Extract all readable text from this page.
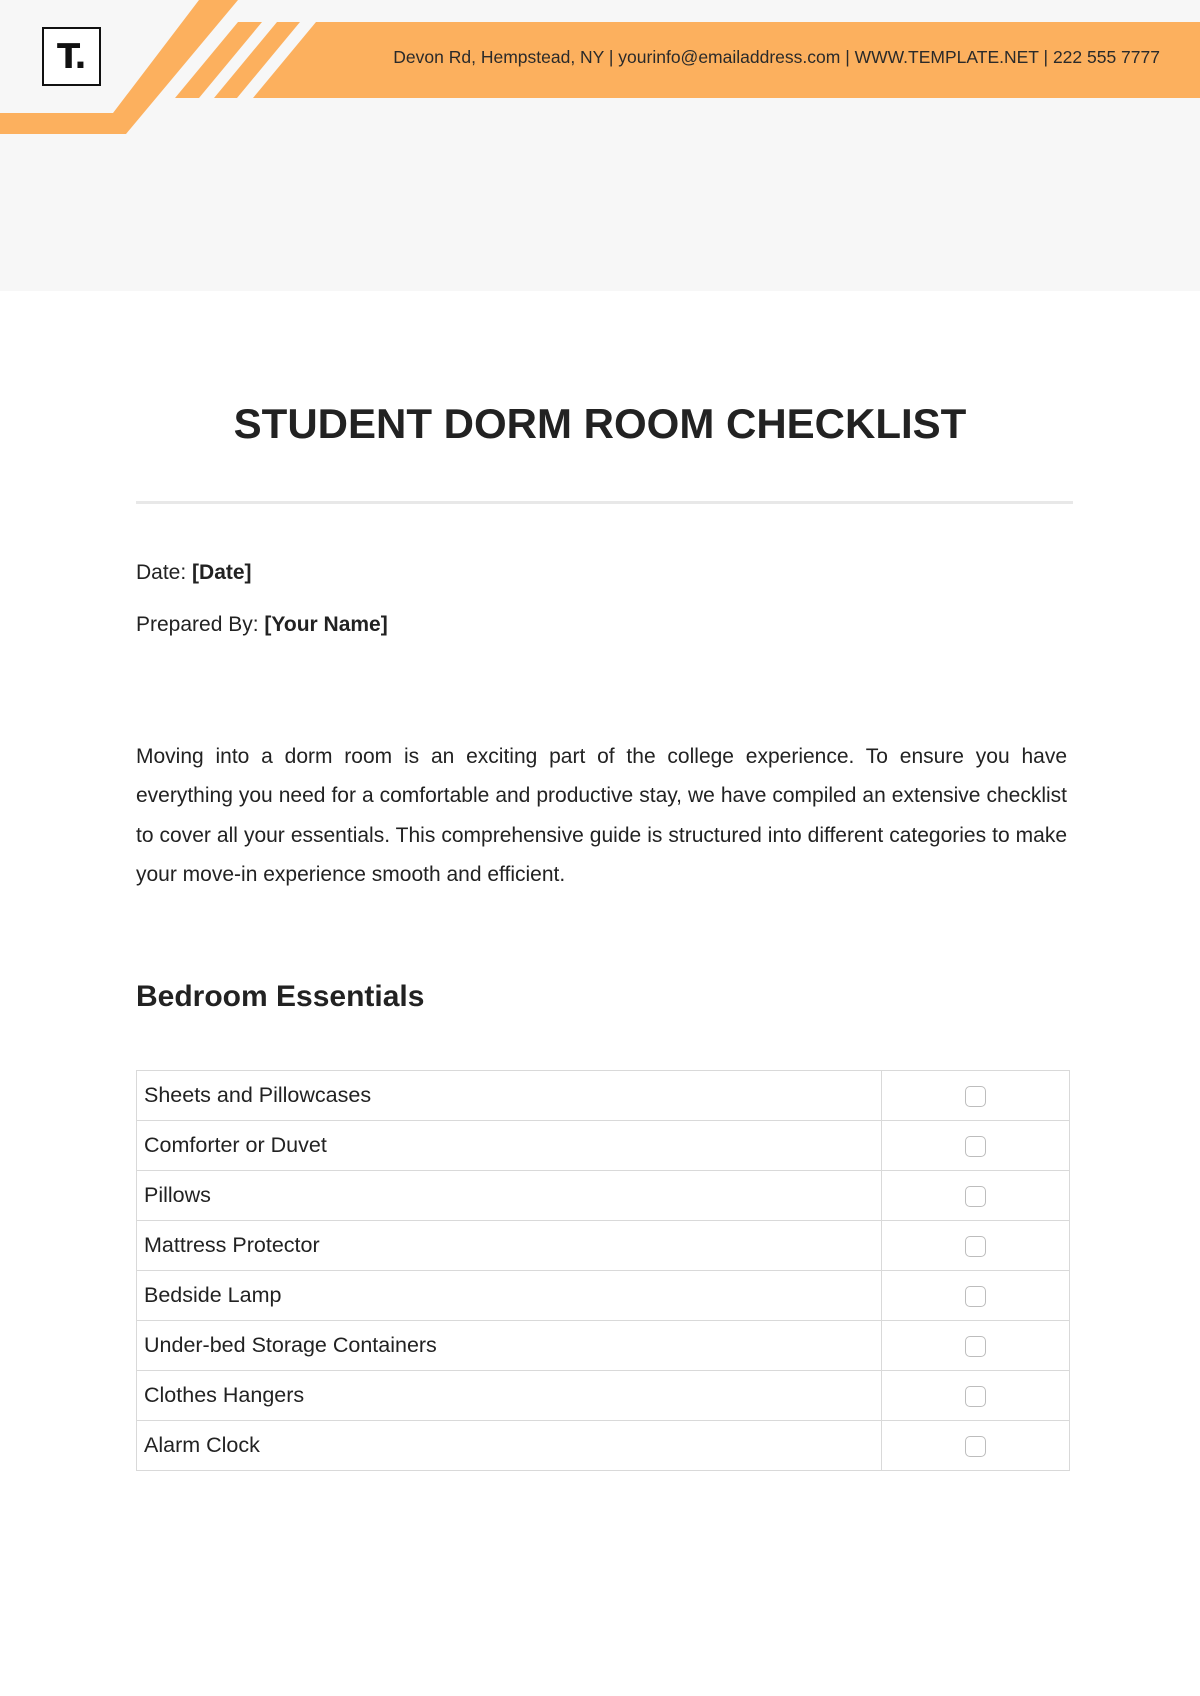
T.	Devon Rd, Hempstead, NY | yourinfo@emailaddress.com | WWW.TEMPLATE.NET | 222 555 7777
STUDENT DORM ROOM CHECKLIST
Date: [Date]
Prepared By: [Your Name]

Moving into a dorm room is an exciting part of the college experience. To ensure you have everything you need for a comfortable and productive stay, we have compiled an extensive checklist to cover all your essentials. This comprehensive guide is structured into different categories to make your move-in experience smooth and efficient.

Bedroom Essentials
Sheets and Pillowcases	
Comforter or Duvet	
Pillows	
Mattress Protector	
Bedside Lamp	
Under-bed Storage Containers	
Clothes Hangers	
Alarm Clock	
